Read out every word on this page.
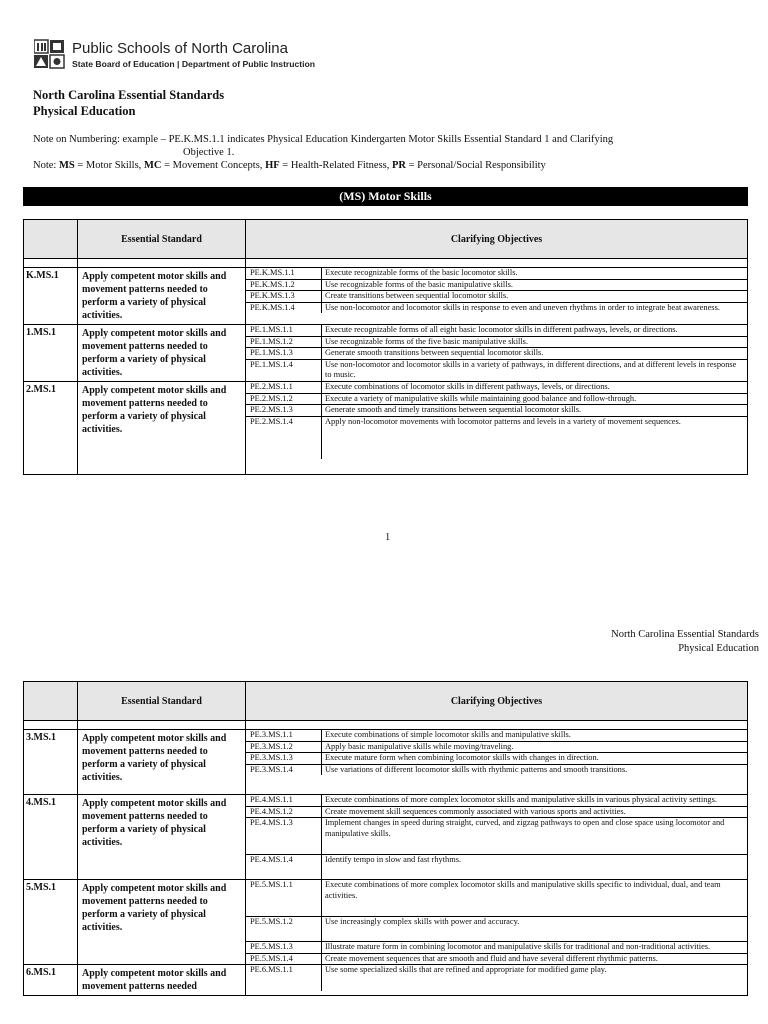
Public Schools of North Carolina
State Board of Education | Department of Public Instruction
North Carolina Essential Standards
Physical Education
Note on Numbering: example – PE.K.MS.1.1 indicates Physical Education Kindergarten Motor Skills Essential Standard 1 and Clarifying
Objective 1.
Note: MS = Motor Skills, MC = Movement Concepts, HF = Health-Related Fitness, PR = Personal/Social Responsibility
(MS) Motor Skills
	Essential Standard	Clarifying Objectives

K.MS.1	Apply competent motor skills and movement patterns needed to perform a variety of physical activities.	
PE.K.MS.1.1	Execute recognizable forms of the basic locomotor skills.
PE.K.MS.1.2	Use recognizable forms of the basic manipulative skills.
PE.K.MS.1.3	Create transitions between sequential locomotor skills.
PE.K.MS.1.4	Use non-locomotor and locomotor skills in response to even and uneven rhythms in order to integrate beat awareness.

1.MS.1	Apply competent motor skills and movement patterns needed to perform a variety of physical activities.	
PE.1.MS.1.1	Execute recognizable forms of all eight basic locomotor skills in different pathways, levels, or directions.
PE.1.MS.1.2	Use recognizable forms of the five basic manipulative skills.
PE.1.MS.1.3	Generate smooth transitions between sequential locomotor skills.
PE.1.MS.1.4	Use non-locomotor and locomotor skills in a variety of pathways, in different directions, and at different levels in response to music.

2.MS.1	Apply competent motor skills and movement patterns needed to perform a variety of physical activities.	
PE.2.MS.1.1	Execute combinations of locomotor skills in different pathways, levels, or directions.
PE.2.MS.1.2	Execute a variety of manipulative skills while maintaining good balance and follow-through.
PE.2.MS.1.3	Generate smooth and timely transitions between sequential locomotor skills.
PE.2.MS.1.4	Apply non-locomotor movements with locomotor patterns and levels in a variety of movement sequences.
1
North Carolina Essential Standards
Physical Education
	Essential Standard	Clarifying Objectives

3.MS.1	Apply competent motor skills and movement patterns needed to perform a variety of physical activities.	
PE.3.MS.1.1	Execute combinations of simple locomotor skills and manipulative skills.
PE.3.MS.1.2	Apply basic manipulative skills while moving/traveling.
PE.3.MS.1.3	Execute mature form when combining locomotor skills with changes in direction.
PE.3.MS.1.4	Use variations of different locomotor skills with rhythmic patterns and smooth transitions.

4.MS.1	Apply competent motor skills and movement patterns needed to perform a variety of physical activities.	
PE.4.MS.1.1	Execute combinations of more complex locomotor skills and manipulative skills in various physical activity settings.
PE.4.MS.1.2	Create movement skill sequences commonly associated with various sports and activities.
PE.4.MS.1.3	Implement changes in speed during straight, curved, and zigzag pathways to open and close space using locomotor and manipulative skills.
PE.4.MS.1.4	Identify tempo in slow and fast rhythms.

5.MS.1	Apply competent motor skills and movement patterns needed to perform a variety of physical activities.	
PE.5.MS.1.1	Execute combinations of more complex locomotor skills and manipulative skills specific to individual, dual, and team activities.
PE.5.MS.1.2	Use increasingly complex skills with power and accuracy.
PE.5.MS.1.3	Illustrate mature form in combining locomotor and manipulative skills for traditional and non-traditional activities.
PE.5.MS.1.4	Create movement sequences that are smooth and fluid and have several different rhythmic patterns.

6.MS.1	Apply competent motor skills and movement patterns needed	
PE.6.MS.1.1	Use some specialized skills that are refined and appropriate for modified game play.
